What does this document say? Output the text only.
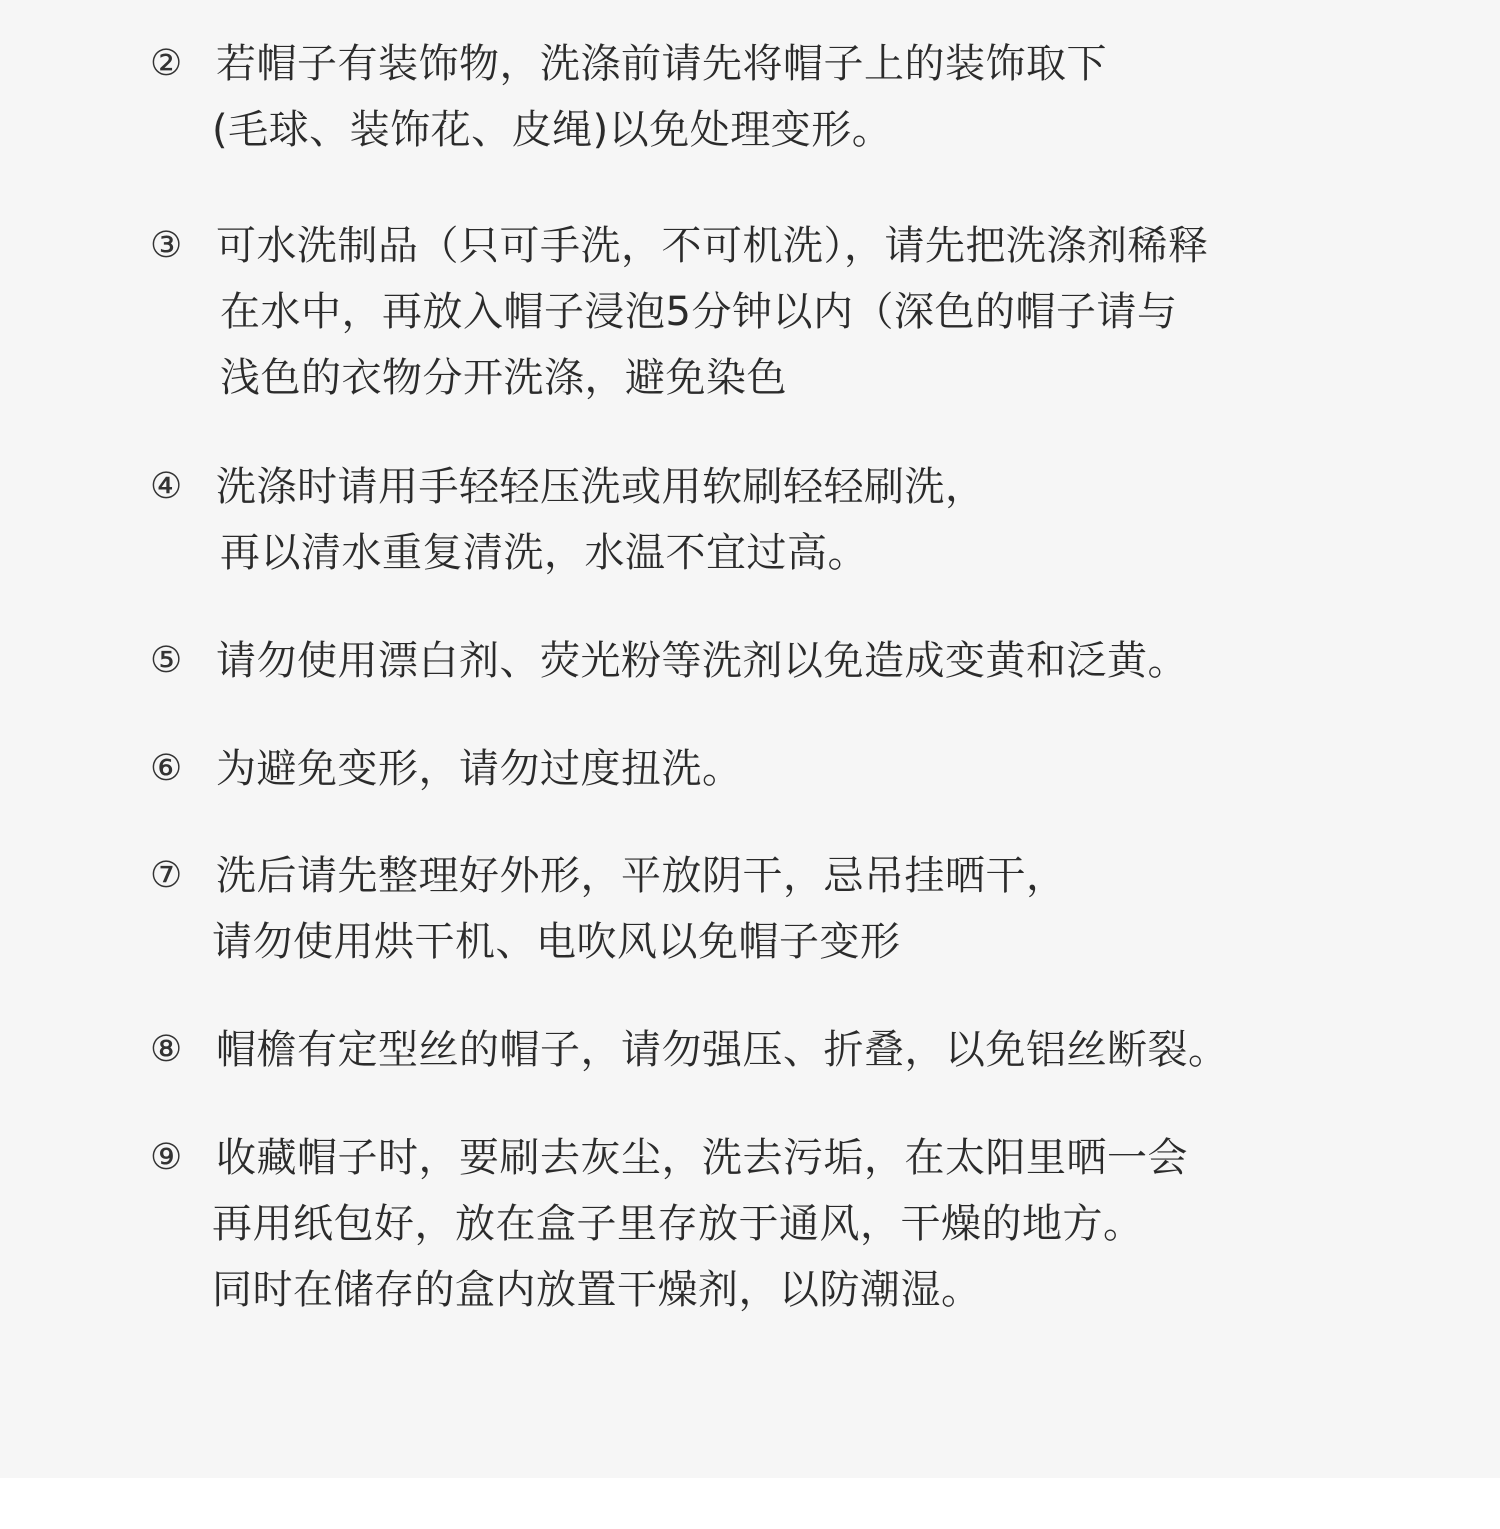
② 若帽子有装饰物，洗涤前请先将帽子上的装饰取下
(毛球、装饰花、皮绳)以免处理变形。
③ 可水洗制品（只可手洗，不可机洗），请先把洗涤剂稀释
在水中，再放入帽子浸泡5分钟以内（深色的帽子请与
浅色的衣物分开洗涤，避免染色
④ 洗涤时请用手轻轻压洗或用软刷轻轻刷洗，
再以清水重复清洗，水温不宜过高。
⑤ 请勿使用漂白剂、荧光粉等洗剂以免造成变黄和泛黄。
⑥ 为避免变形，请勿过度扭洗。
⑦ 洗后请先整理好外形，平放阴干，忌吊挂晒干，
请勿使用烘干机、电吹风以免帽子变形
⑧ 帽檐有定型丝的帽子，请勿强压、折叠，以免铝丝断裂。
⑨ 收藏帽子时，要刷去灰尘，洗去污垢，在太阳里晒一会
再用纸包好，放在盒子里存放于通风，干燥的地方。
同时在储存的盒内放置干燥剂，以防潮湿。
